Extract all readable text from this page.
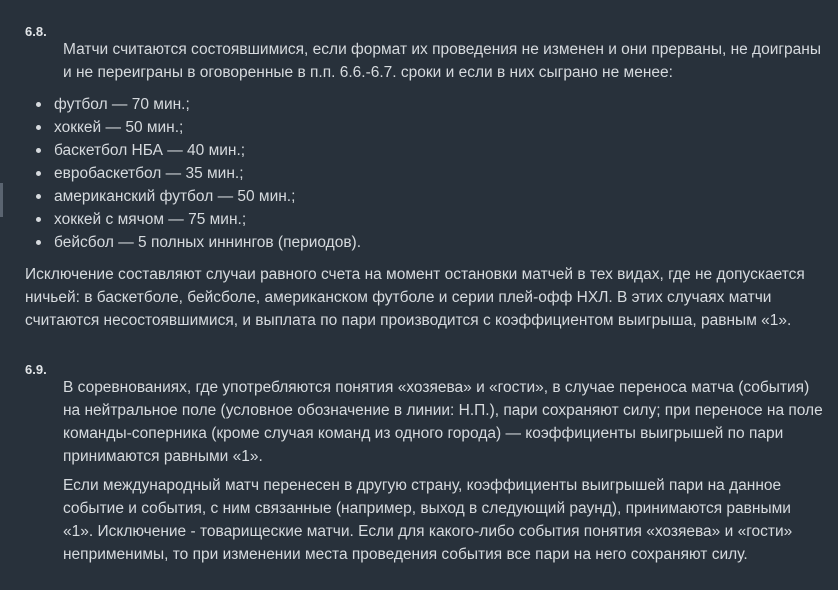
6.8.

Матчи считаются состоявшимися, если формат их проведения не изменен и они прерваны, не доиграны и не переиграны в оговоренные в п.п. 6.6.-6.7. сроки и если в них сыграно не менее:

футбол — 70 мин.;
хоккей — 50 мин.;
баскетбол НБА — 40 мин.;
евробаскетбол — 35 мин.;
американский футбол — 50 мин.;
хоккей с мячом — 75 мин.;
бейсбол — 5 полных иннингов (периодов).

Исключение составляют случаи равного счета на момент остановки матчей в тех видах, где не допускается ничьей: в баскетболе, бейсболе, американском футболе и серии плей-офф НХЛ. В этих случаях матчи считаются несостоявшимися, и выплата по пари производится с коэффициентом выигрыша, равным «1».

6.9.

В соревнованиях, где употребляются понятия «хозяева» и «гости», в случае переноса матча (события) на нейтральное поле (условное обозначение в линии: Н.П.), пари сохраняют силу; при переносе на поле команды-соперника (кроме случая команд из одного города) — коэффициенты выигрышей по пари принимаются равными «1».

Если международный матч перенесен в другую страну, коэффициенты выигрышей пари на данное событие и события, с ним связанные (например, выход в следующий раунд), принимаются равными «1». Исключение - товарищеские матчи. Если для какого-либо события понятия «хозяева» и «гости» неприменимы, то при изменении места проведения события все пари на него сохраняют силу.
